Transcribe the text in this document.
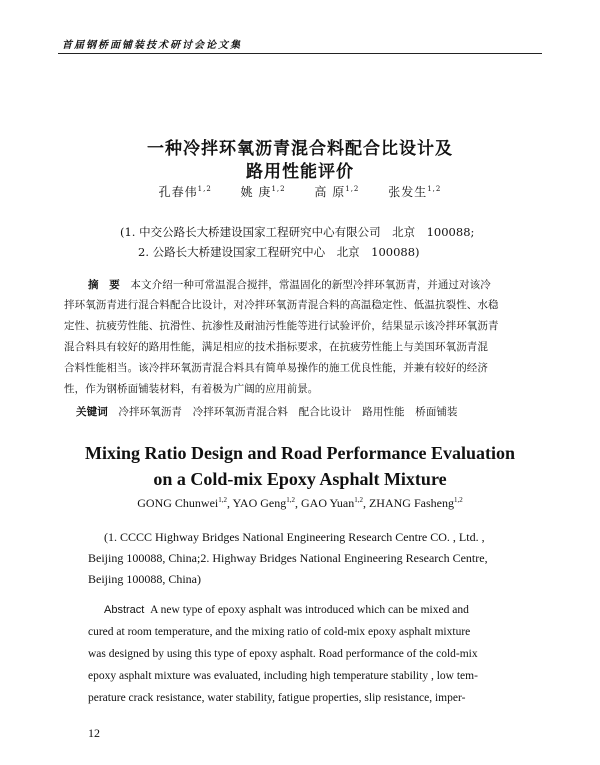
首届钢桥面铺装技术研讨会论文集
一种冷拌环氧沥青混合料配合比设计及
路用性能评价
孔春伟$^{1,2}$ 姚 庚$^{1,2}$ 高 原$^{1,2}$ 张发生$^{1,2}$
(1. 中交公路长大桥建设国家工程研究中心有限公司　北京　100088;
2. 公路长大桥建设国家工程研究中心　北京　100088)
摘　要　 本文介绍一种可常温混合搅拌，常温固化的新型冷拌环氧沥青，并通过对该冷
拌环氧沥青进行混合料配合比设计，对冷拌环氧沥青混合料的高温稳定性、低温抗裂性、水稳
定性、抗疲劳性能、抗滑性、抗渗性及耐油污性能等进行试验评价，结果显示该冷拌环氧沥青
混合料具有较好的路用性能，满足相应的技术指标要求，在抗疲劳性能上与美国环氧沥青混
合料性能相当。该冷拌环氧沥青混合料具有简单易操作的施工优良性能，并兼有较好的经济
性，作为钢桥面铺装材料，有着极为广阔的应用前景。
关键词　 冷拌环氧沥青　冷拌环氧沥青混合料　配合比设计　路用性能　桥面铺装
Mixing Ratio Design and Road Performance Evaluation
on a Cold-mix Epoxy Asphalt Mixture
GONG Chunwei$^{1,2}$, YAO Geng$^{1,2}$, GAO Yuan$^{1,2}$, ZHANG Fasheng$^{1,2}$
(1. CCCC Highway Bridges National Engineering Research Centre CO. , Ltd. ,
Beijing 100088, China;2. Highway Bridges National Engineering Research Centre,
Beijing 100088, China)
Abstract A new type of epoxy asphalt was introduced which can be mixed and
cured at room temperature, and the mixing ratio of cold-mix epoxy asphalt mixture
was designed by using this type of epoxy asphalt. Road performance of the cold-mix
epoxy asphalt mixture was evaluated, including high temperature stability , low tem-
perature crack resistance, water stability, fatigue properties, slip resistance, imper-
12
